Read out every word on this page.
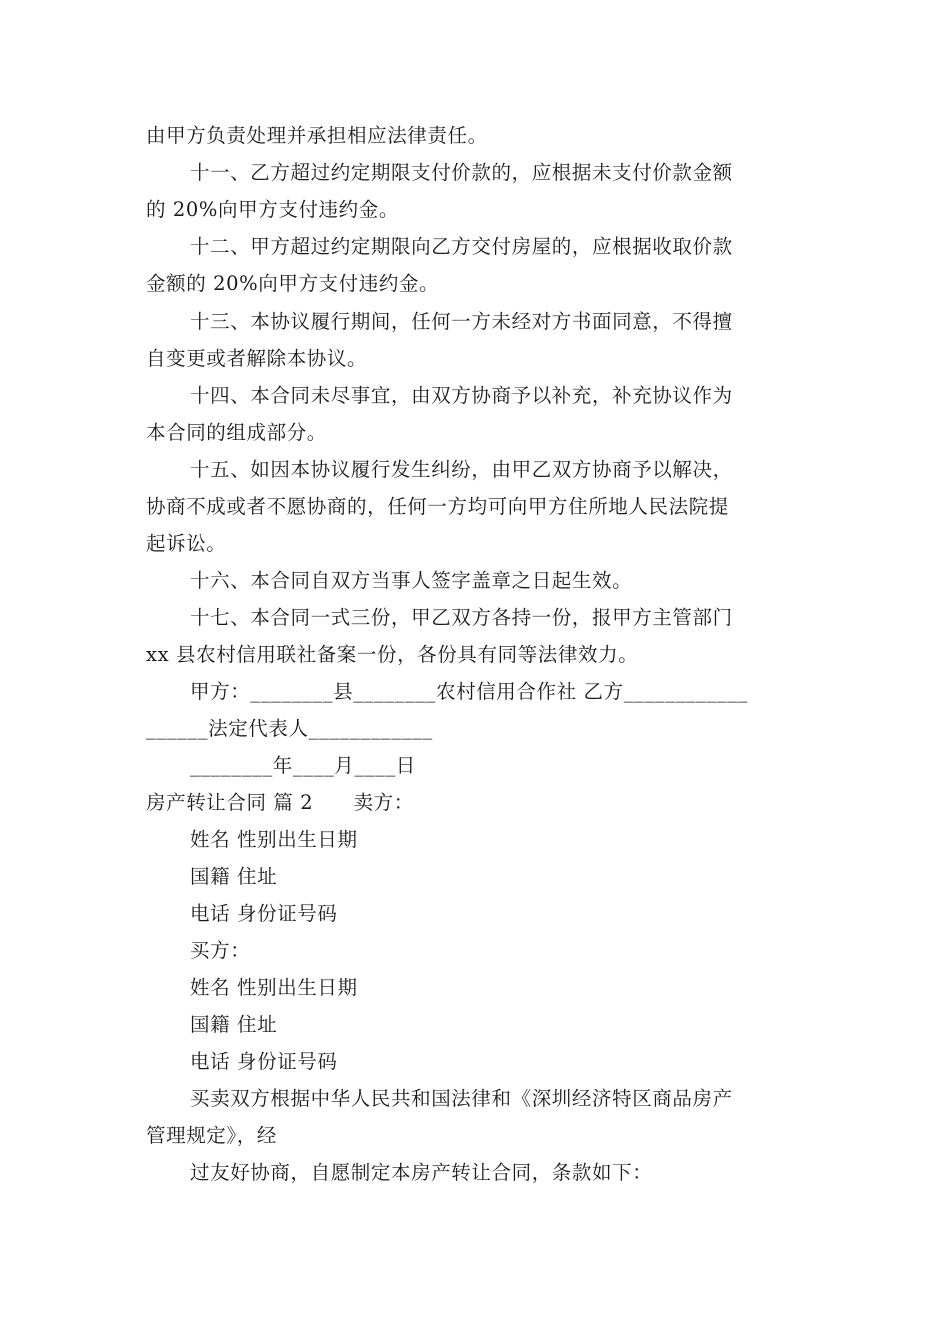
由甲方负责处理并承担相应法律责任。
十一、乙方超过约定期限支付价款的，应根据未支付价款金额
的 20%向甲方支付违约金。
十二、甲方超过约定期限向乙方交付房屋的，应根据收取价款
金额的 20%向甲方支付违约金。
十三、本协议履行期间，任何一方未经对方书面同意，不得擅
自变更或者解除本协议。
十四、本合同未尽事宜，由双方协商予以补充，补充协议作为
本合同的组成部分。
十五、如因本协议履行发生纠纷，由甲乙双方协商予以解决，
协商不成或者不愿协商的，任何一方均可向甲方住所地人民法院提
起诉讼。
十六、本合同自双方当事人签字盖章之日起生效。
十七、本合同一式三份，甲乙双方各持一份，报甲方主管部门
xx 县农村信用联社备案一份，各份具有同等法律效力。
甲方：________县________农村信用合作社 乙方____________
______法定代表人____________
________年____月____日
房产转让合同 篇 2　　卖方：
姓名 性别出生日期
国籍 住址
电话 身份证号码
买方：
姓名 性别出生日期
国籍 住址
电话 身份证号码
买卖双方根据中华人民共和国法律和《深圳经济特区商品房产
管理规定》，经
过友好协商，自愿制定本房产转让合同，条款如下：
